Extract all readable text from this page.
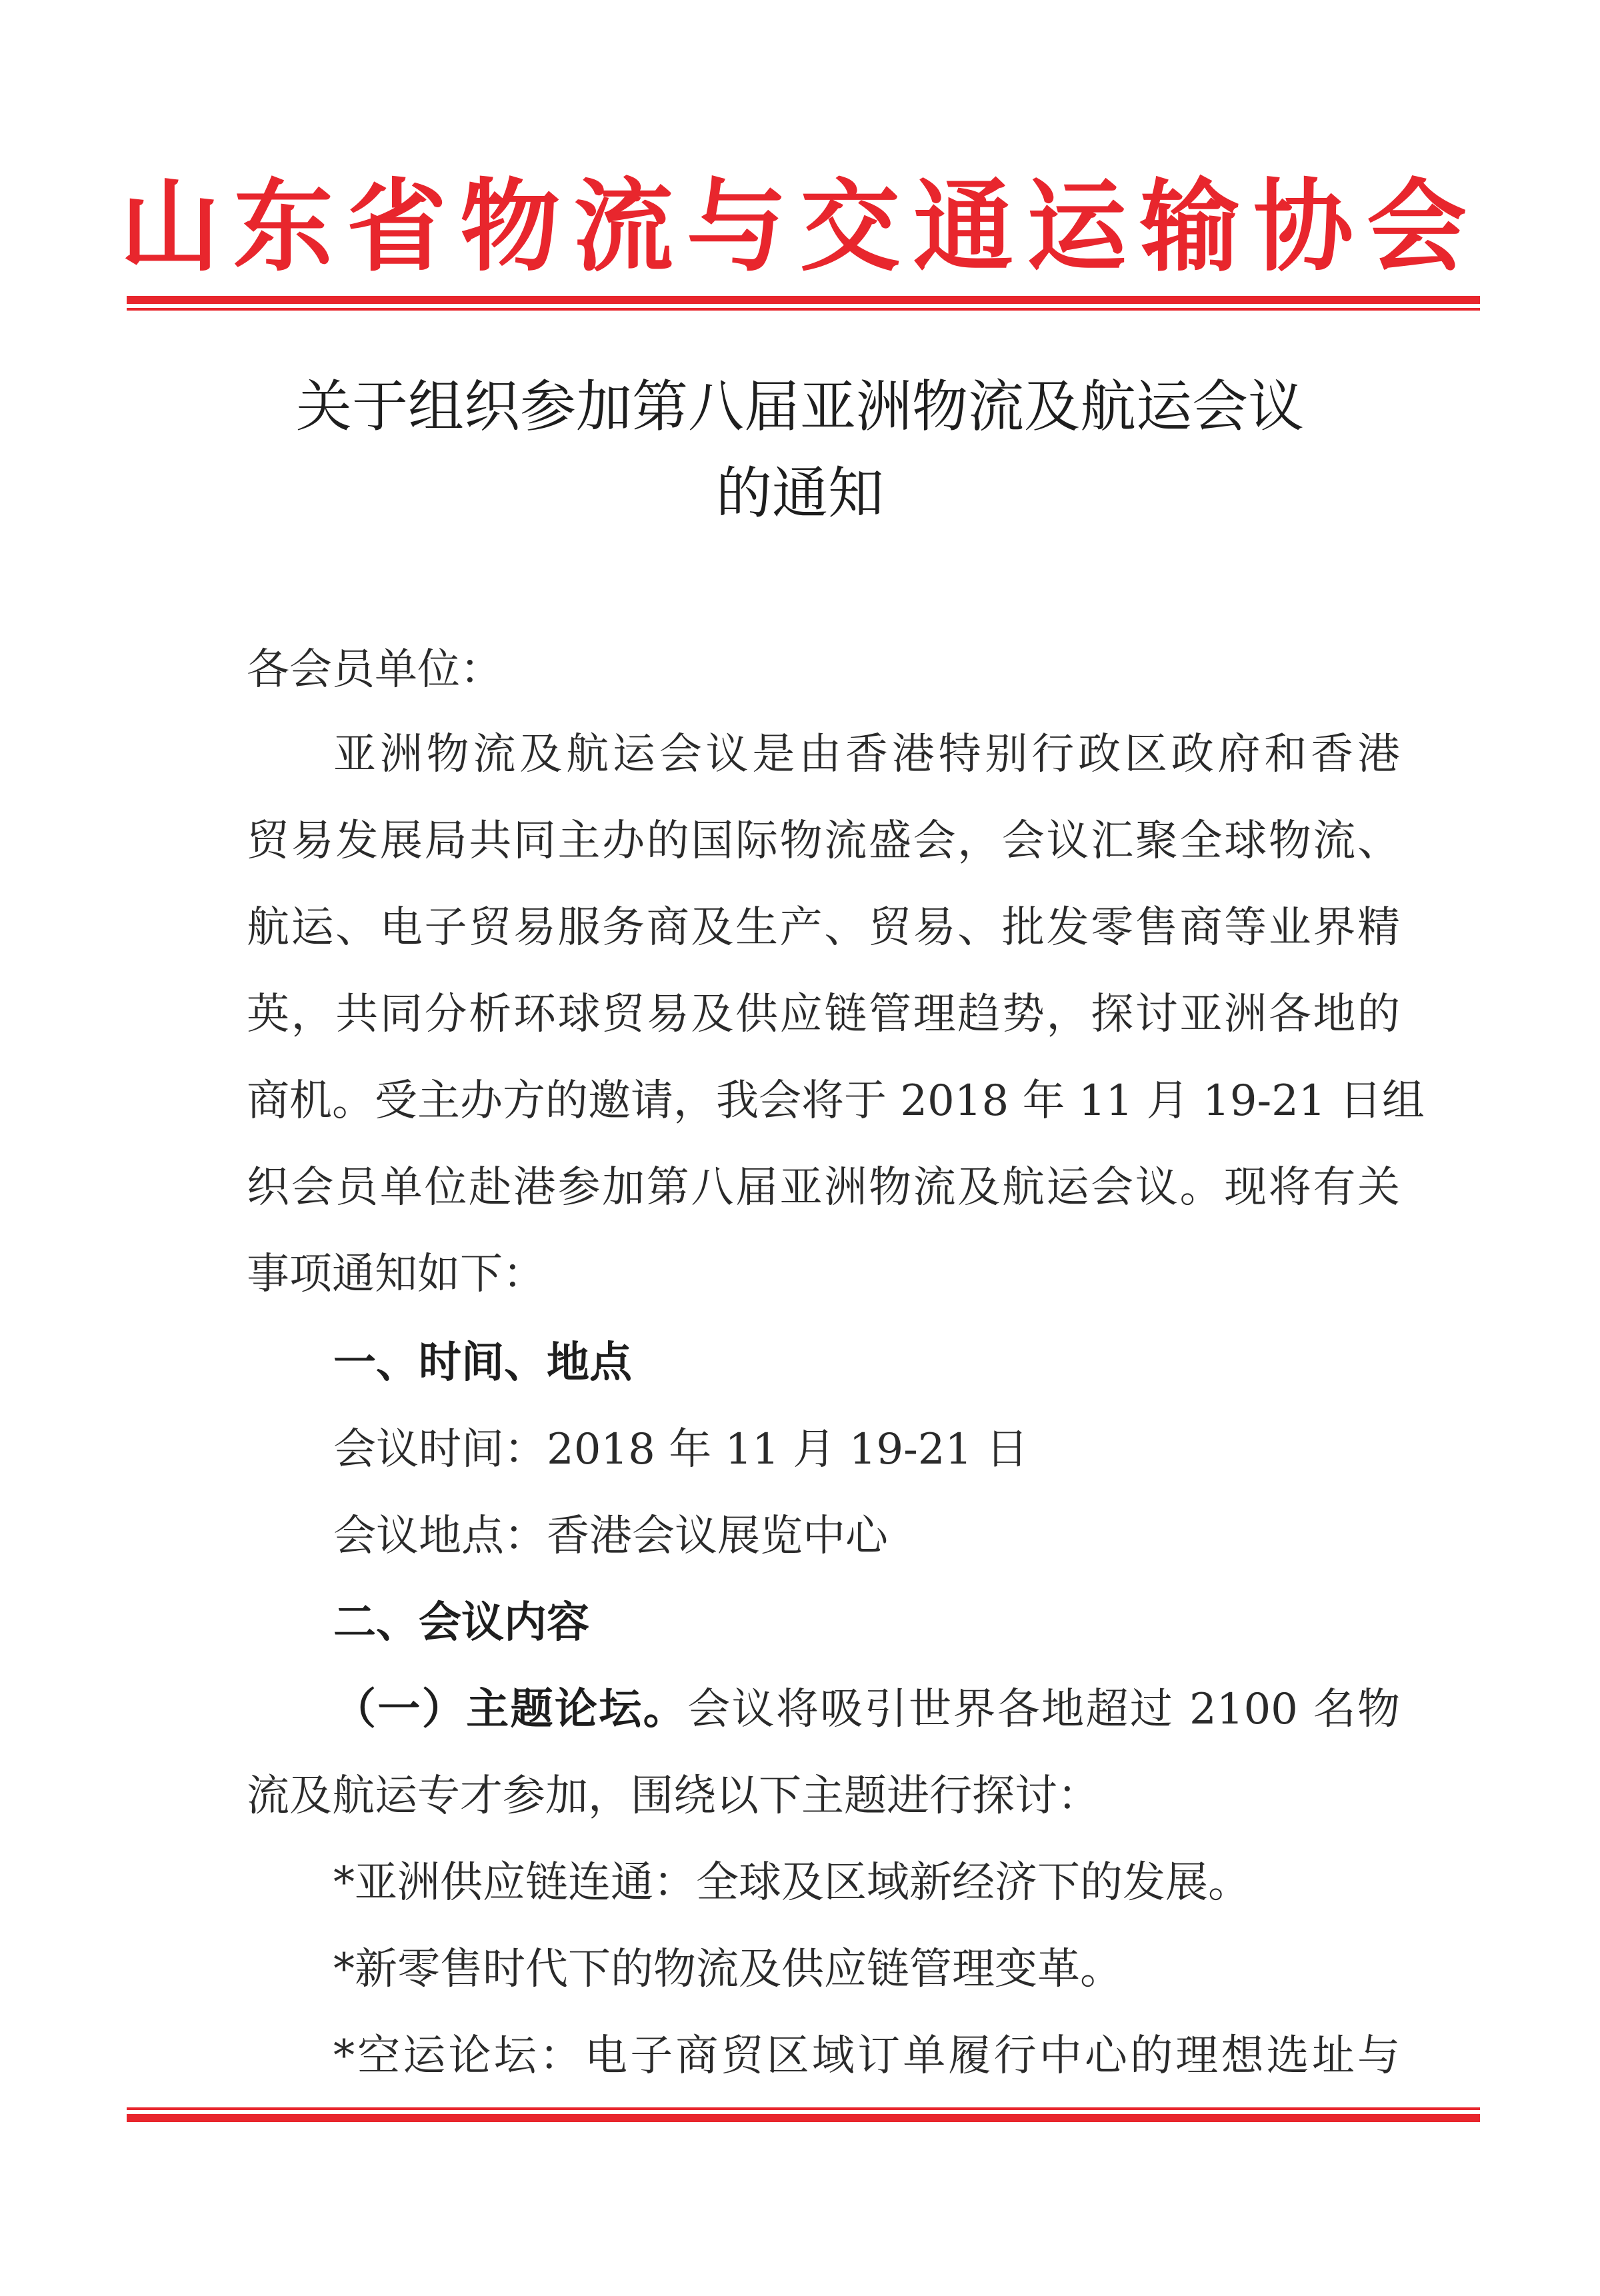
山东省物流与交通运输协会
关于组织参加第八届亚洲物流及航运会议
的通知
各会员单位：
亚洲物流及航运会议是由香港特别行政区政府和香港
贸易发展局共同主办的国际物流盛会，会议汇聚全球物流、
航运、电子贸易服务商及生产、贸易、批发零售商等业界精
英，共同分析环球贸易及供应链管理趋势，探讨亚洲各地的
商机。受主办方的邀请，我会将于 2018 年 11 月 19-21 日组
织会员单位赴港参加第八届亚洲物流及航运会议。现将有关
事项通知如下：
一、时间、地点
会议时间：2018 年 11 月 19-21 日
会议地点：香港会议展览中心
二、会议内容
（一）主题论坛。会议将吸引世界各地超过 2100 名物
流及航运专才参加，围绕以下主题进行探讨：
*亚洲供应链连通：全球及区域新经济下的发展。
*新零售时代下的物流及供应链管理变革。
*空运论坛：电子商贸区域订单履行中心的理想选址与
